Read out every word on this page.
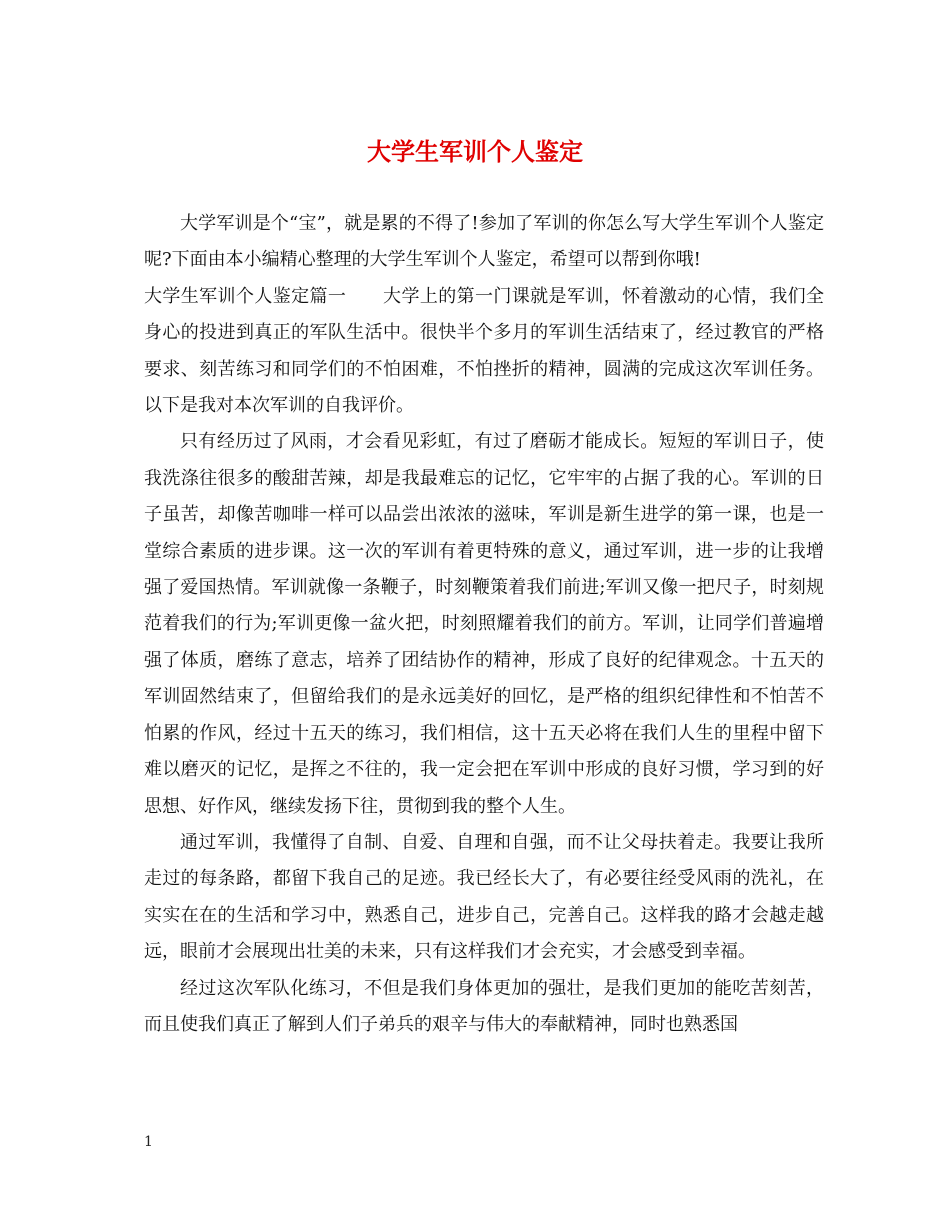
大学生军训个人鉴定

大学军训是个“宝”，就是累的不得了!参加了军训的你怎么写大学生军训个人鉴定呢?下面由本小编精心整理的大学生军训个人鉴定，希望可以帮到你哦!

大学生军训个人鉴定篇一　　大学上的第一门课就是军训，怀着激动的心情，我们全身心的投进到真正的军队生活中。很快半个多月的军训生活结束了，经过教官的严格要求、刻苦练习和同学们的不怕困难，不怕挫折的精神，圆满的完成这次军训任务。以下是我对本次军训的自我评价。

只有经历过了风雨，才会看见彩虹，有过了磨砺才能成长。短短的军训日子，使我洗涤往很多的酸甜苦辣，却是我最难忘的记忆，它牢牢的占据了我的心。军训的日子虽苦，却像苦咖啡一样可以品尝出浓浓的滋味，军训是新生进学的第一课，也是一堂综合素质的进步课。这一次的军训有着更特殊的意义，通过军训，进一步的让我增强了爱国热情。军训就像一条鞭子，时刻鞭策着我们前进;军训又像一把尺子，时刻规范着我们的行为;军训更像一盆火把，时刻照耀着我们的前方。军训，让同学们普遍增强了体质，磨练了意志，培养了团结协作的精神，形成了良好的纪律观念。十五天的军训固然结束了，但留给我们的是永远美好的回忆，是严格的组织纪律性和不怕苦不怕累的作风，经过十五天的练习，我们相信，这十五天必将在我们人生的里程中留下难以磨灭的记忆，是挥之不往的，我一定会把在军训中形成的良好习惯，学习到的好思想、好作风，继续发扬下往，贯彻到我的整个人生。

通过军训，我懂得了自制、自爱、自理和自强，而不让父母扶着走。我要让我所走过的每条路，都留下我自己的足迹。我已经长大了，有必要往经受风雨的洗礼，在实实在在的生活和学习中，熟悉自己，进步自己，完善自己。这样我的路才会越走越远，眼前才会展现出壮美的未来，只有这样我们才会充实，才会感受到幸福。

经过这次军队化练习，不但是我们身体更加的强壮，是我们更加的能吃苦刻苦，而且使我们真正了解到人们子弟兵的艰辛与伟大的奉献精神，同时也熟悉国

1
